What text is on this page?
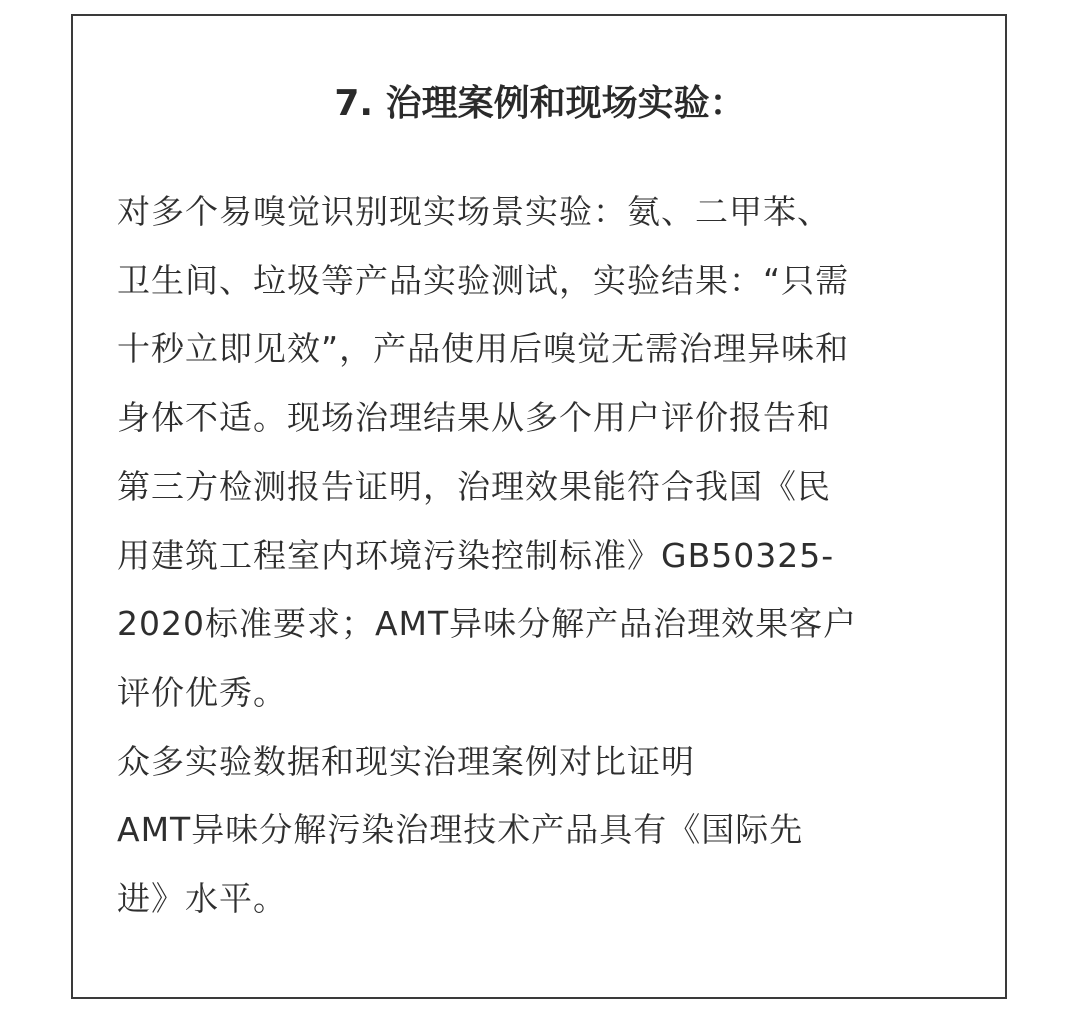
7. 治理案例和现场实验：
对多个易嗅觉识别现实场景实验：氨、二甲苯、
卫生间、垃圾等产品实验测试，实验结果：“只需
十秒立即见效”，产品使用后嗅觉无需治理异味和
身体不适。现场治理结果从多个用户评价报告和
第三方检测报告证明，治理效果能符合我国《民
用建筑工程室内环境污染控制标准》GB50325-
2020标准要求；AMT异味分解产品治理效果客户
评价优秀。
众多实验数据和现实治理案例对比证明
AMT异味分解污染治理技术产品具有《国际先
进》水平。
